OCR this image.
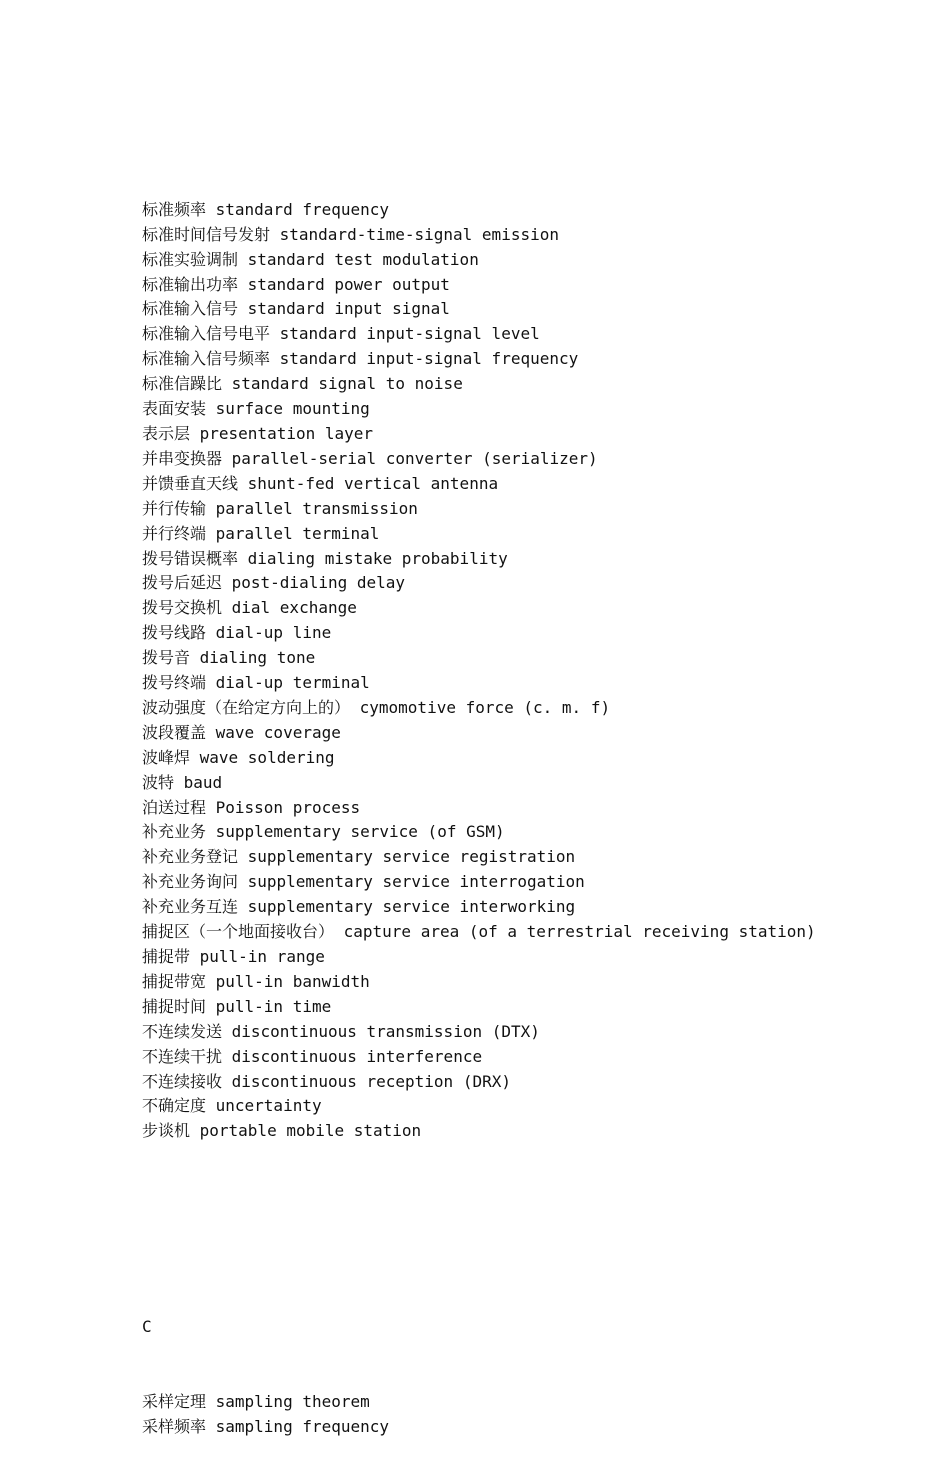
标准频率 standard frequency
标准时间信号发射 standard-time-signal emission
标准实验调制 standard test modulation
标准输出功率 standard power output
标准输入信号 standard input signal
标准输入信号电平 standard input-signal level
标准输入信号频率 standard input-signal frequency
标准信躁比 standard signal to noise
表面安装 surface mounting
表示层 presentation layer
并串变换器 parallel-serial converter (serializer)
并馈垂直天线 shunt-fed vertical antenna
并行传输 parallel transmission
并行终端 parallel terminal
拨号错误概率 dialing mistake probability
拨号后延迟 post-dialing delay
拨号交换机 dial exchange
拨号线路 dial-up line
拨号音 dialing tone
拨号终端 dial-up terminal
波动强度（在给定方向上的） cymomotive force (c. m. f)
波段覆盖 wave coverage
波峰焊 wave soldering
波特 baud
泊送过程 Poisson process
补充业务 supplementary service (of GSM)
补充业务登记 supplementary service registration
补充业务询问 supplementary service interrogation
补充业务互连 supplementary service interworking
捕捉区（一个地面接收台） capture area (of a terrestrial receiving station)
捕捉带 pull-in range
捕捉带宽 pull-in banwidth
捕捉时间 pull-in time
不连续发送 discontinuous transmission (DTX)
不连续干扰 discontinuous interference
不连续接收 discontinuous reception (DRX)
不确定度 uncertainty
步谈机 portable mobile station

C

采样定理 sampling theorem
采样频率 sampling frequency
